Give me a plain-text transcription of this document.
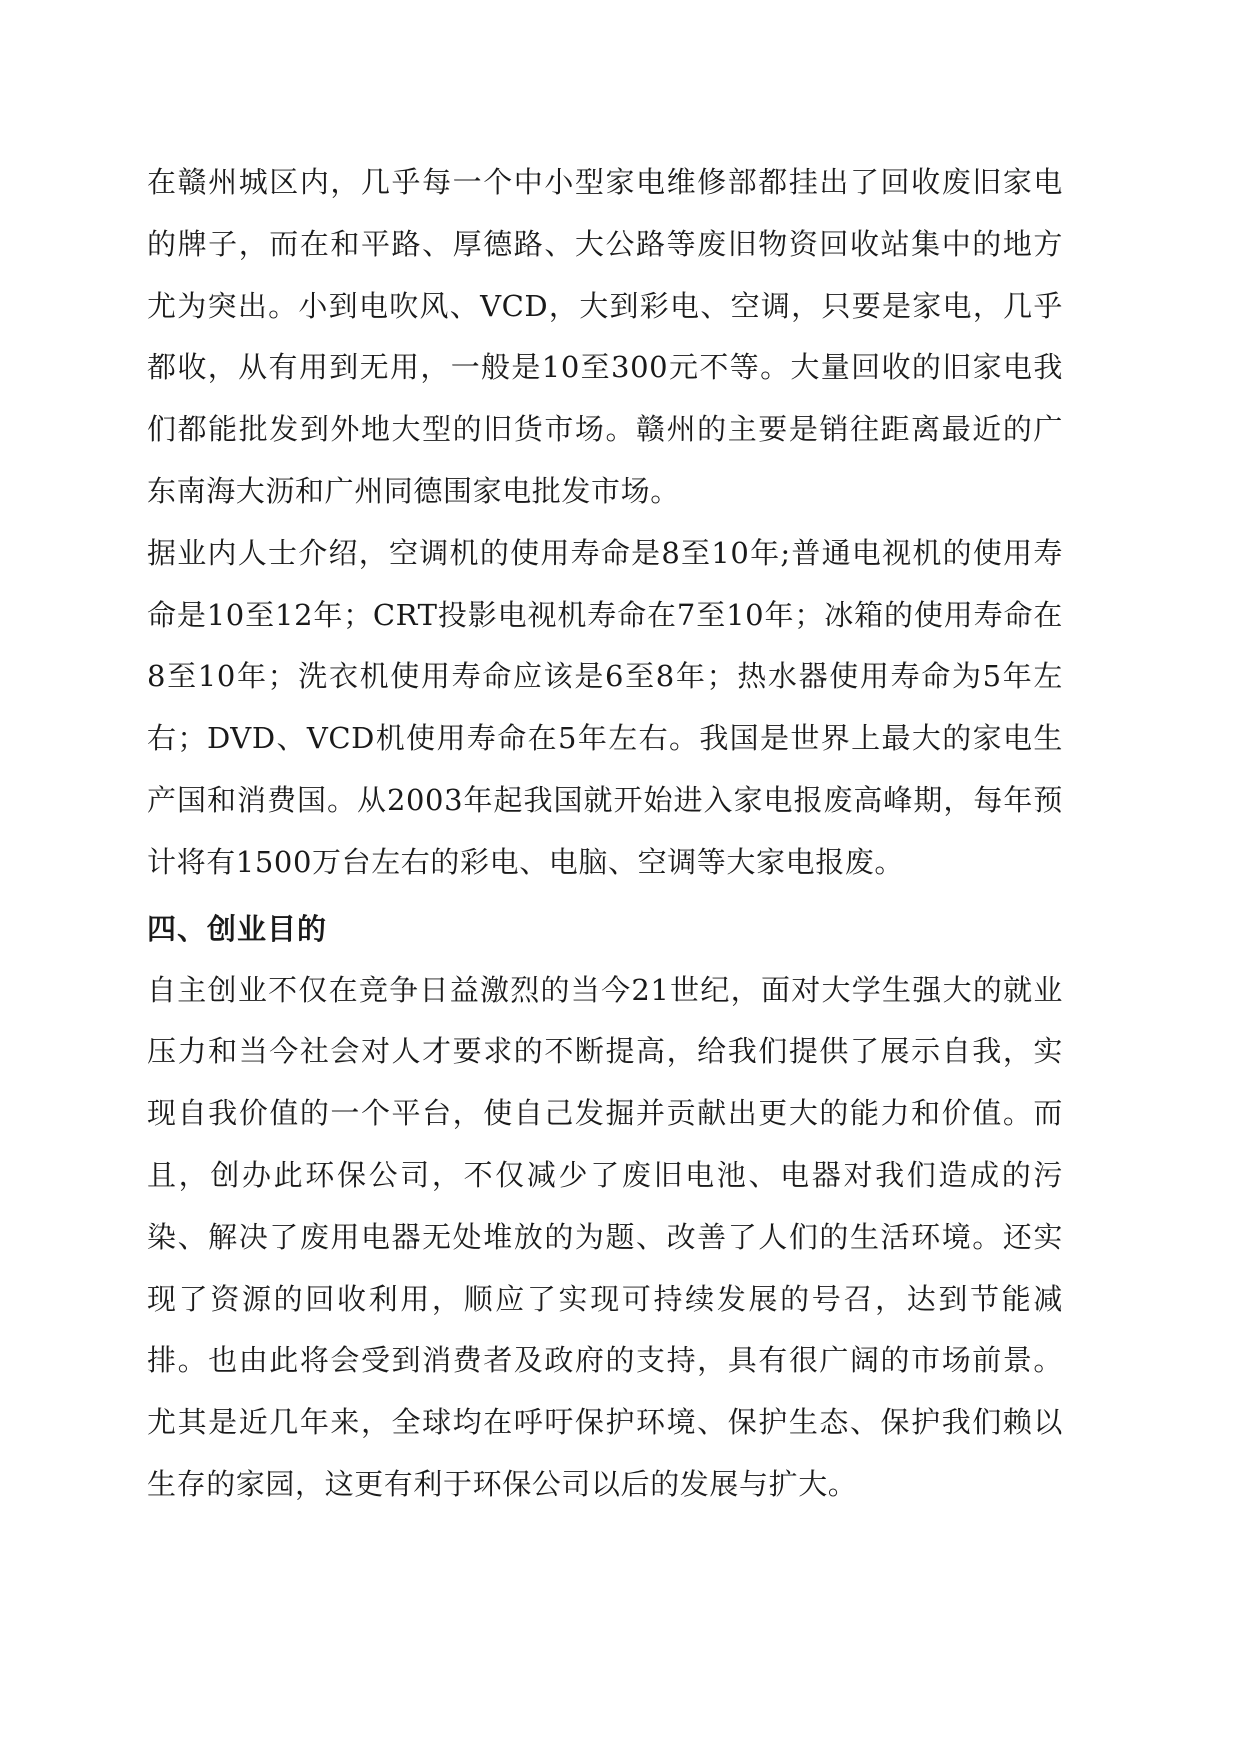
在赣州城区内，几乎每一个中小型家电维修部都挂出了回收废旧家电的牌子，而在和平路、厚德路、大公路等废旧物资回收站集中的地方尤为突出。小到电吹风、VCD，大到彩电、空调，只要是家电，几乎都收，从有用到无用，一般是10至300元不等。大量回收的旧家电我们都能批发到外地大型的旧货市场。赣州的主要是销往距离最近的广东南海大沥和广州同德围家电批发市场。

据业内人士介绍，空调机的使用寿命是8至10年;普通电视机的使用寿命是10至12年；CRT投影电视机寿命在7至10年；冰箱的使用寿命在8至10年；洗衣机使用寿命应该是6至8年；热水器使用寿命为5年左右；DVD、VCD机使用寿命在5年左右。我国是世界上最大的家电生产国和消费国。从2003年起我国就开始进入家电报废高峰期，每年预计将有1500万台左右的彩电、电脑、空调等大家电报废。

四、创业目的

自主创业不仅在竞争日益激烈的当今21世纪，面对大学生强大的就业压力和当今社会对人才要求的不断提高，给我们提供了展示自我，实现自我价值的一个平台，使自己发掘并贡献出更大的能力和价值。而且，创办此环保公司，不仅减少了废旧电池、电器对我们造成的污染、解决了废用电器无处堆放的为题、改善了人们的生活环境。还实现了资源的回收利用，顺应了实现可持续发展的号召，达到节能减排。也由此将会受到消费者及政府的支持，具有很广阔的市场前景。尤其是近几年来，全球均在呼吁保护环境、保护生态、保护我们赖以生存的家园，这更有利于环保公司以后的发展与扩大。
